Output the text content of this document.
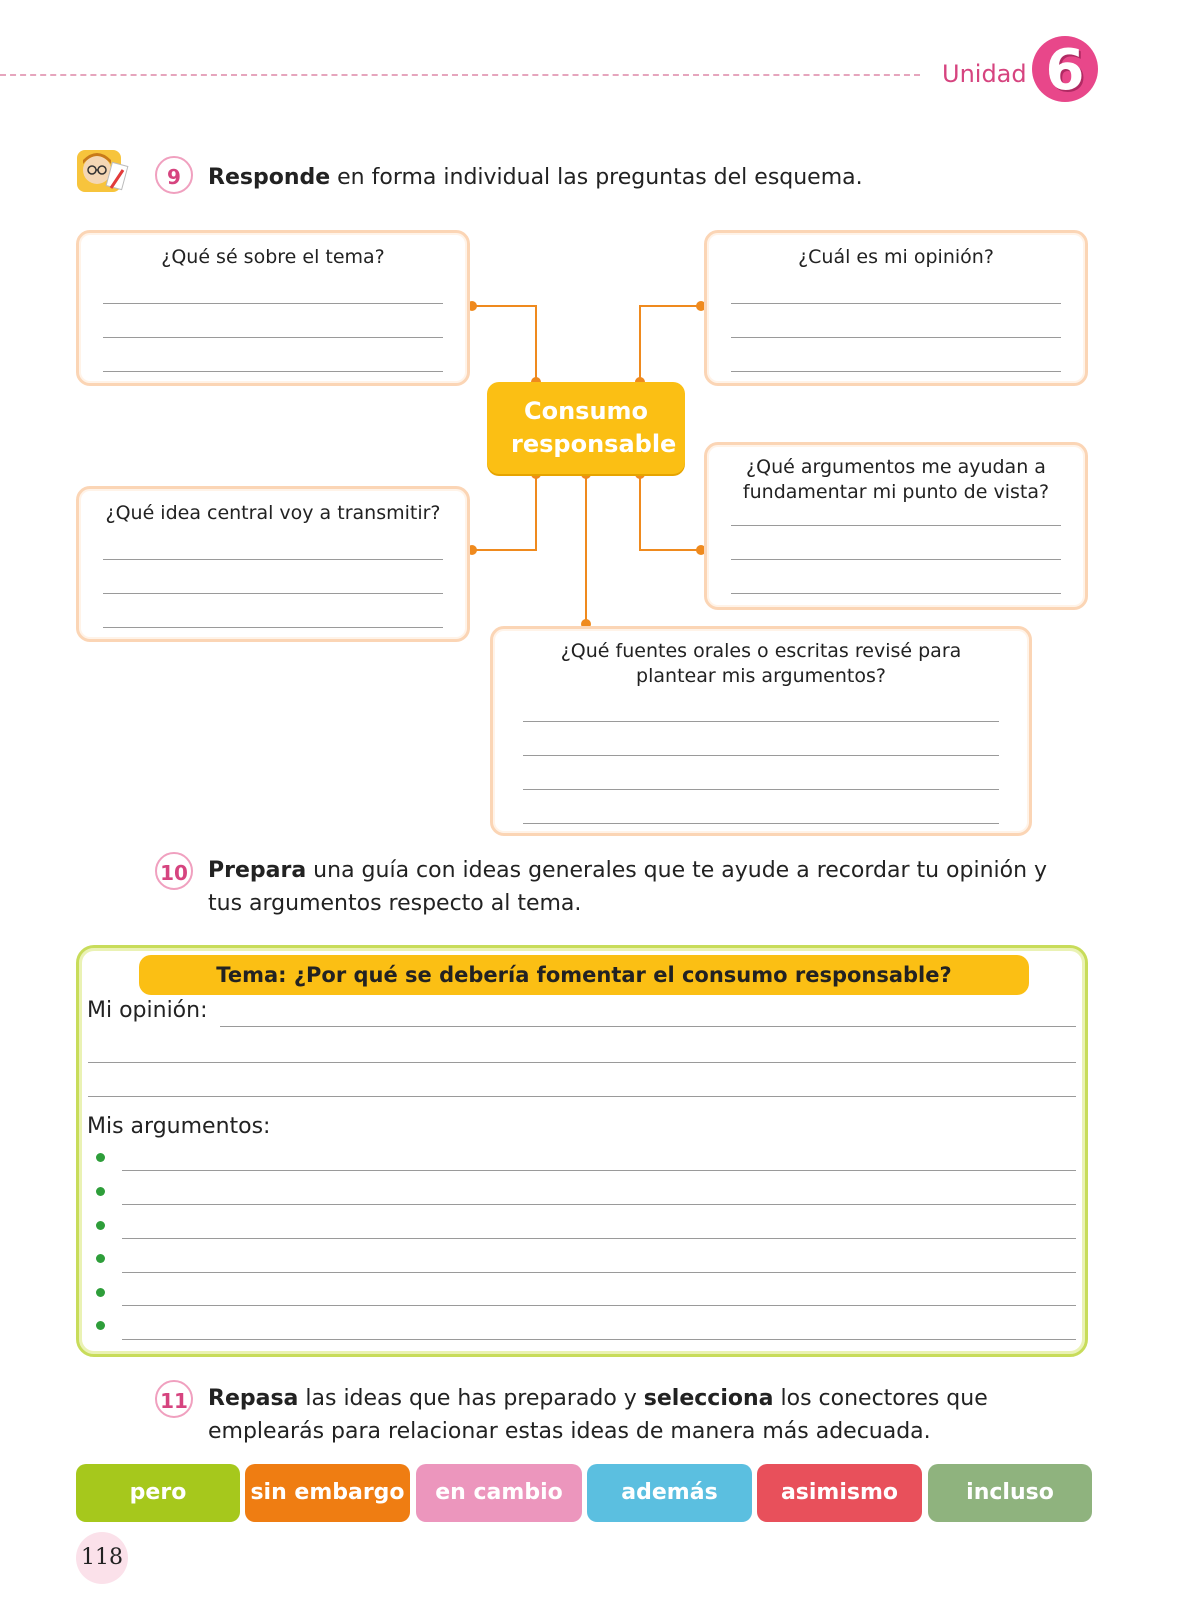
Unidad 6
9	Responde en forma individual las preguntas del esquema.
¿Qué sé sobre el tema?	¿Cuál es mi opinión?
Consumo responsable
¿Qué argumentos me ayudan a fundamentar mi punto de vista?
¿Qué idea central voy a transmitir?
¿Qué fuentes orales o escritas revisé para plantear mis argumentos?
10 Prepara una guía con ideas generales que te ayude a recordar tu opinión y tus argumentos respecto al tema.
Tema: ¿Por qué se debería fomentar el consumo responsable?
Mi opinión:
Mis argumentos:
11 Repasa las ideas que has preparado y selecciona los conectores que emplearás para relacionar estas ideas de manera más adecuada.
pero	sin embargo	en cambio	además	asimismo	incluso
118
